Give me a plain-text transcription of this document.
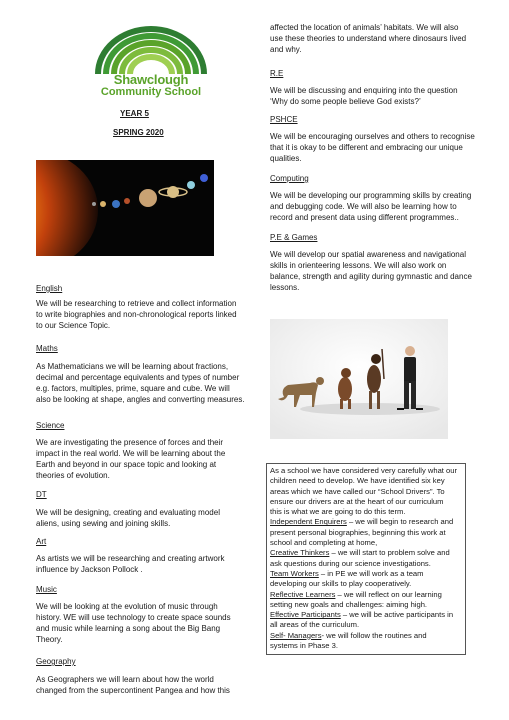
Shawclough
Community School
YEAR 5
SPRING 2020

English

We will be researching to retrieve and collect information

to write biographies and non-chronological reports linked

to our Science Topic.

Maths

As Mathematicians we will be learning about fractions,

decimal and percentage equivalents and types of number

e.g. factors, multiples, prime, square and cube. We will

also be looking at shape, angles and converting measures.

Science

We are investigating the presence of forces and their

impact in the real world. We will be learning about the

Earth and beyond in our space topic and looking at

theories of evolution.

DT

We will be designing, creating and evaluating model

aliens, using sewing and joining skills.

Art

As artists we will be researching and creating artwork

influence by Jackson Pollock .

Music

We will be looking at the evolution of music through

history. WE will use technology to create space sounds

and music while learning a song about the Big Bang

Theory.

Geography

As Geographers we will learn about how the world

changed from the supercontinent Pangea and how this

affected the location of animals’ habitats. We will also

use these theories to understand where dinosaurs lived

and why.

R.E

We will be discussing and enquiring into the question

‘Why do some people believe God exists?’

PSHCE

We will be encouraging ourselves and others to recognise

that it is okay to be different and embracing our unique

qualities.

Computing

We will be developing our programming skills by creating

and debugging code. We will also be learning how to

record and present data using different programmes..

P.E & Games

We will develop our spatial awareness and navigational

skills in orienteering lessons. We will also work on

balance, strength and agility during gymnastic and dance

lessons.

As a school we have considered very carefully what our

children need to develop. We have identified six key

areas which we have called our “School Drivers”. To

ensure our drivers are at the heart of our curriculum

this is what we are going to do this term.

Independent Enquirers – we will begin to research and

present personal biographies, beginning this work at

school and completing at home,

Creative Thinkers – we will start to problem solve and

ask questions during our science investigations.

Team Workers – in PE we will work as a team

developing our skills to play cooperatively.

Reflective Learners – we will reflect on our learning

setting new goals and challenges: aiming high.

Effective Participants – we will be active participants in

all areas of the curriculum.

Self- Managers- we will follow the routines and

systems in Phase 3.
